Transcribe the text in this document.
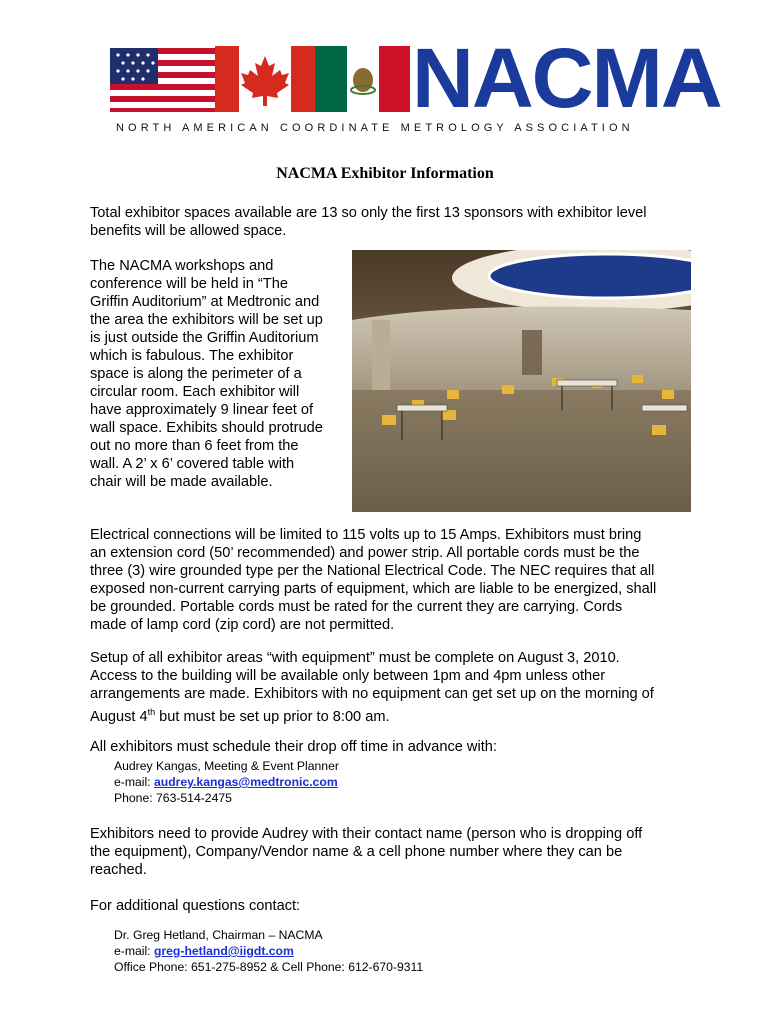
NACMA
NORTH AMERICAN COORDINATE METROLOGY ASSOCIATION
NACMA Exhibitor Information

Total exhibitor spaces available are 13 so only the first 13 sponsors with exhibitor level benefits will be allowed space.

The NACMA workshops and
conference will be held in “The
Griffin Auditorium” at Medtronic and
the area the exhibitors will be set up
is just outside the Griffin Auditorium
which is fabulous. The exhibitor
space is along the perimeter of a
circular room. Each exhibitor will
have approximately 9 linear feet of
wall space. Exhibits should protrude
out no more than 6 feet from the
wall. A 2’ x 6’ covered table with
chair will be made available.
Electrical connections will be limited to 115 volts up to 15 Amps. Exhibitors must bring
an extension cord (50’ recommended) and power strip. All portable cords must be the
three (3) wire grounded type per the National Electrical Code. The NEC requires that all
exposed non-current carrying parts of equipment, which are liable to be energized, shall
be grounded. Portable cords must be rated for the current they are carrying. Cords
made of lamp cord (zip cord) are not permitted.
Setup of all exhibitor areas “with equipment” must be complete on August 3, 2010.
Access to the building will be available only between 1pm and 4pm unless other
arrangements are made. Exhibitors with no equipment can get set up on the morning of
August 4th but must be set up prior to 8:00 am.

All exhibitors must schedule their drop off time in advance with:

Audrey Kangas, Meeting & Event Planner
e-mail: audrey.kangas@medtronic.com
Phone: 763-514-2475
Exhibitors need to provide Audrey with their contact name (person who is dropping off
the equipment), Company/Vendor name & a cell phone number where they can be
reached.

For additional questions contact:

Dr. Greg Hetland, Chairman – NACMA
e-mail: greg-hetland@iigdt.com
Office Phone: 651-275-8952 & Cell Phone: 612-670-9311
